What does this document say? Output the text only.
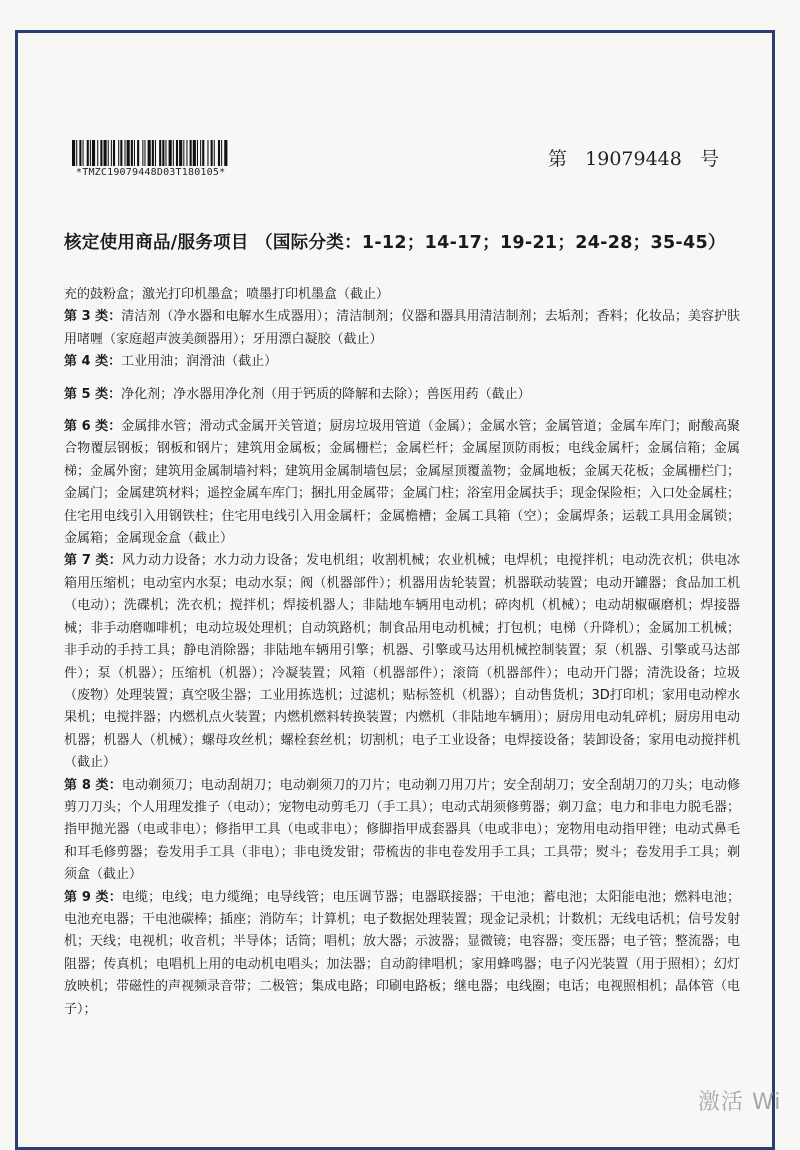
*TMZC19079448D03T180105*
第 19079448 号
核定使用商品/服务项目 （国际分类：1-12；14-17；19-21；24-28；35-45）

充的鼓粉盒；激光打印机墨盒；喷墨打印机墨盒（截止）

第 3 类：清洁剂（净水器和电解水生成器用）；清洁制剂；仪器和器具用清洁制剂；去垢剂；香料；化妆品；美容护肤用啫喱（家庭超声波美颜器用）；牙用漂白凝胶（截止）

第 4 类：工业用油；润滑油（截止）

第 5 类：净化剂；净水器用净化剂（用于钙质的降解和去除）；兽医用药（截止）

第 6 类：金属排水管；滑动式金属开关管道；厨房垃圾用管道（金属）；金属水管；金属管道；金属车库门；耐酸高聚合物覆层钢板；钢板和钢片；建筑用金属板；金属栅栏；金属栏杆；金属屋顶防雨板；电线金属杆；金属信箱；金属梯；金属外窗；建筑用金属制墙衬料；建筑用金属制墙包层；金属屋顶覆盖物；金属地板；金属天花板；金属栅栏门；金属门；金属建筑材料；遥控金属车库门；捆扎用金属带；金属门柱；浴室用金属扶手；现金保险柜；入口处金属柱；住宅用电线引入用钢铁柱；住宅用电线引入用金属杆；金属檐槽；金属工具箱（空）；金属焊条；运载工具用金属锁；金属箱；金属现金盒（截止）

第 7 类：风力动力设备；水力动力设备；发电机组；收割机械；农业机械；电焊机；电搅拌机；电动洗衣机；供电冰箱用压缩机；电动室内水泵；电动水泵；阀（机器部件）；机器用齿轮装置；机器联动装置；电动开罐器；食品加工机（电动）；洗碟机；洗衣机；搅拌机；焊接机器人；非陆地车辆用电动机；碎肉机（机械）；电动胡椒碾磨机；焊接器械；非手动磨咖啡机；电动垃圾处理机；自动筑路机；制食品用电动机械；打包机；电梯（升降机）；金属加工机械；非手动的手持工具；静电消除器；非陆地车辆用引擎；机器、引擎或马达用机械控制装置；泵（机器、引擎或马达部件）；泵（机器）；压缩机（机器）；冷凝装置；风箱（机器部件）；滚筒（机器部件）；电动开门器；清洗设备；垃圾（废物）处理装置；真空吸尘器；工业用拣选机；过滤机；贴标签机（机器）；自动售货机；3D打印机；家用电动榨水果机；电搅拌器；内燃机点火装置；内燃机燃料转换装置；内燃机（非陆地车辆用）；厨房用电动轧碎机；厨房用电动机器；机器人（机械）；螺母攻丝机；螺栓套丝机；切割机；电子工业设备；电焊接设备；装卸设备；家用电动搅拌机（截止）

第 8 类：电动剃须刀；电动刮胡刀；电动剃须刀的刀片；电动剃刀用刀片；安全刮胡刀；安全刮胡刀的刀头；电动修剪刀刀头；个人用理发推子（电动）；宠物电动剪毛刀（手工具）；电动式胡须修剪器；剃刀盒；电力和非电力脱毛器；指甲抛光器（电或非电）；修指甲工具（电或非电）；修脚指甲成套器具（电或非电）；宠物用电动指甲锉；电动式鼻毛和耳毛修剪器；卷发用手工具（非电）；非电烫发钳；带梳齿的非电卷发用手工具；工具带；熨斗；卷发用手工具；剃须盒（截止）

第 9 类：电缆；电线；电力缆绳；电导线管；电压调节器；电器联接器；干电池；蓄电池；太阳能电池；燃料电池；电池充电器；干电池碳棒；插座；消防车；计算机；电子数据处理装置；现金记录机；计数机；无线电话机；信号发射机；天线；电视机；收音机；半导体；话筒；唱机；放大器；示波器；显微镜；电容器；变压器；电子管；整流器；电阻器；传真机；电唱机上用的电动机电唱头；加法器；自动韵律唱机；家用蜂鸣器；电子闪光装置（用于照相）；幻灯放映机；带磁性的声视频录音带；二极管；集成电路；印刷电路板；继电器；电线圈；电话；电视照相机；晶体管（电子）；

激活 Wi
